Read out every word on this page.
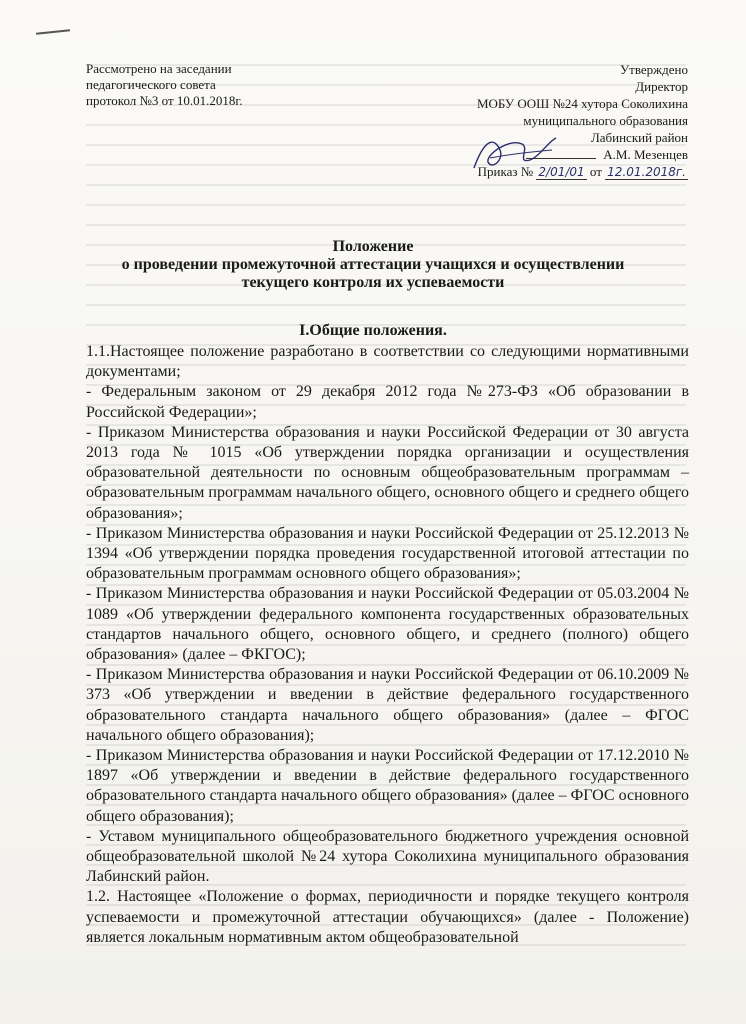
Рассмотрено на заседании
педагогического совета
протокол №3 от 10.01.2018г.
Утверждено
Директор
МОБУ ООШ №24 хутора Соколихина
муниципального образования
Лабинский район
А.М. Мезенцев
Приказ № 2/01/01 от 12.01.2018г.
Положение
о проведении промежуточной аттестации учащихся и осуществлении
текущего контроля их успеваемости
I.Общие положения.

1.1.Настоящее положение разработано в соответствии со следующими нормативными документами;

- Федеральным законом от 29 декабря 2012 года №273-ФЗ «Об образовании в Российской Федерации»;

- Приказом Министерства образования и науки Российской Федерации от 30 августа 2013 года № 1015 «Об утверждении порядка организации и осуществления образовательной деятельности по основным общеобразовательным программам – образовательным программам начального общего, основного общего и среднего общего образования»;

- Приказом Министерства образования и науки Российской Федерации от 25.12.2013 № 1394 «Об утверждении порядка проведения государственной итоговой аттестации по образовательным программам основного общего образования»;

- Приказом Министерства образования и науки Российской Федерации от 05.03.2004 № 1089 «Об утверждении федерального компонента государственных образовательных стандартов начального общего, основного общего, и среднего (полного) общего образования» (далее – ФКГОС);

- Приказом Министерства образования и науки Российской Федерации от 06.10.2009 № 373 «Об утверждении и введении в действие федерального государственного образовательного стандарта начального общего образования» (далее – ФГОС начального общего образования);

- Приказом Министерства образования и науки Российской Федерации от 17.12.2010 № 1897 «Об утверждении и введении в действие федерального государственного образовательного стандарта начального общего образования» (далее – ФГОС основного общего образования);

- Уставом муниципального общеобразовательного бюджетного учреждения основной общеобразовательной школой №24 хутора Соколихина муниципального образования Лабинский район.

1.2. Настоящее «Положение о формах, периодичности и порядке текущего контроля успеваемости и промежуточной аттестации обучающихся» (далее - Положение) является локальным нормативным актом общеобразовательной
